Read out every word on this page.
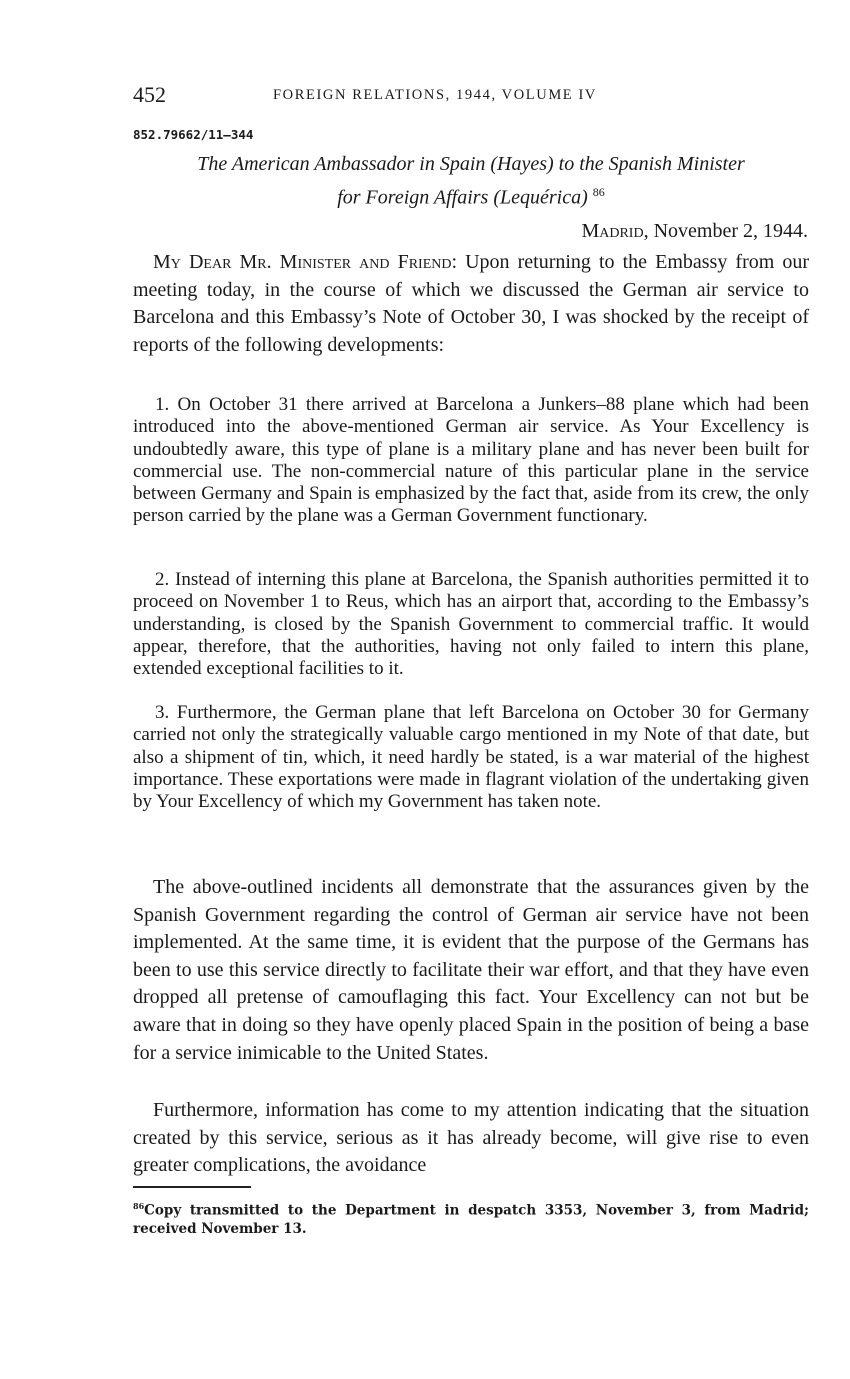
452	FOREIGN RELATIONS, 1944, VOLUME IV
852.79662/11–344
The American Ambassador in Spain (Hayes) to the Spanish Minister
for Foreign Affairs (Lequérica) $^{86}$
Madrid, November 2, 1944.
My Dear Mr. Minister and Friend: Upon returning to the Embassy from our meeting today, in the course of which we discussed the German air service to Barcelona and this Embassy’s Note of October 30, I was shocked by the receipt of reports of the following developments:
1. On October 31 there arrived at Barcelona a Junkers–88 plane which had been introduced into the above-mentioned German air service. As Your Excellency is undoubtedly aware, this type of plane is a military plane and has never been built for commercial use. The non-commercial nature of this particular plane in the service between Germany and Spain is emphasized by the fact that, aside from its crew, the only person carried by the plane was a German Government functionary.
2. Instead of interning this plane at Barcelona, the Spanish authorities permitted it to proceed on November 1 to Reus, which has an airport that, according to the Embassy’s understanding, is closed by the Spanish Government to commercial traffic. It would appear, therefore, that the authorities, having not only failed to intern this plane, extended exceptional facilities to it.
3. Furthermore, the German plane that left Barcelona on October 30 for Germany carried not only the strategically valuable cargo mentioned in my Note of that date, but also a shipment of tin, which, it need hardly be stated, is a war material of the highest importance. These exportations were made in flagrant violation of the undertaking given by Your Excellency of which my Government has taken note.
The above-outlined incidents all demonstrate that the assurances given by the Spanish Government regarding the control of German air service have not been implemented. At the same time, it is evident that the purpose of the Germans has been to use this service directly to facilitate their war effort, and that they have even dropped all pretense of camouflaging this fact. Your Excellency can not but be aware that in doing so they have openly placed Spain in the position of being a base for a service inimicable to the United States.
Furthermore, information has come to my attention indicating that the situation created by this service, serious as it has already become, will give rise to even greater complications, the avoidance
$^{86}$Copy transmitted to the Department in despatch 3353, November 3, from Madrid; received November 13.
